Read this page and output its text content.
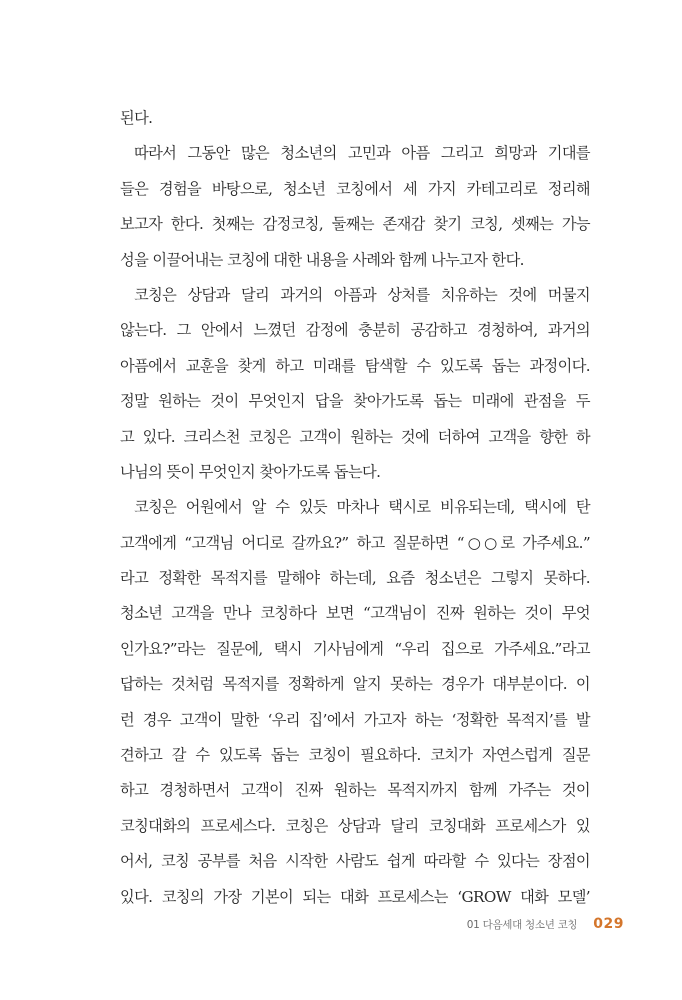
된다.
따라서 그동안 많은 청소년의 고민과 아픔 그리고 희망과 기대를
들은 경험을 바탕으로, 청소년 코칭에서 세 가지 카테고리로 정리해
보고자 한다. 첫째는 감정코칭, 둘째는 존재감 찾기 코칭, 셋째는 가능
성을 이끌어내는 코칭에 대한 내용을 사례와 함께 나누고자 한다.
코칭은 상담과 달리 과거의 아픔과 상처를 치유하는 것에 머물지
않는다. 그 안에서 느꼈던 감정에 충분히 공감하고 경청하여, 과거의
아픔에서 교훈을 찾게 하고 미래를 탐색할 수 있도록 돕는 과정이다.
정말 원하는 것이 무엇인지 답을 찾아가도록 돕는 미래에 관점을 두
고 있다. 크리스천 코칭은 고객이 원하는 것에 더하여 고객을 향한 하
나님의 뜻이 무엇인지 찾아가도록 돕는다.
코칭은 어원에서 알 수 있듯 마차나 택시로 비유되는데, 택시에 탄
고객에게 “고객님 어디로 갈까요?” 하고 질문하면 “○○로 가주세요.”
라고 정확한 목적지를 말해야 하는데, 요즘 청소년은 그렇지 못하다.
청소년 고객을 만나 코칭하다 보면 “고객님이 진짜 원하는 것이 무엇
인가요?”라는 질문에, 택시 기사님에게 “우리 집으로 가주세요.”라고
답하는 것처럼 목적지를 정확하게 알지 못하는 경우가 대부분이다. 이
런 경우 고객이 말한 ‘우리 집’에서 가고자 하는 ‘정확한 목적지’를 발
견하고 갈 수 있도록 돕는 코칭이 필요하다. 코치가 자연스럽게 질문
하고 경청하면서 고객이 진짜 원하는 목적지까지 함께 가주는 것이
코칭대화의 프로세스다. 코칭은 상담과 달리 코칭대화 프로세스가 있
어서, 코칭 공부를 처음 시작한 사람도 쉽게 따라할 수 있다는 장점이
있다. 코칭의 가장 기본이 되는 대화 프로세스는 ‘GROW 대화 모델’
01 다음세대 청소년 코칭 029
